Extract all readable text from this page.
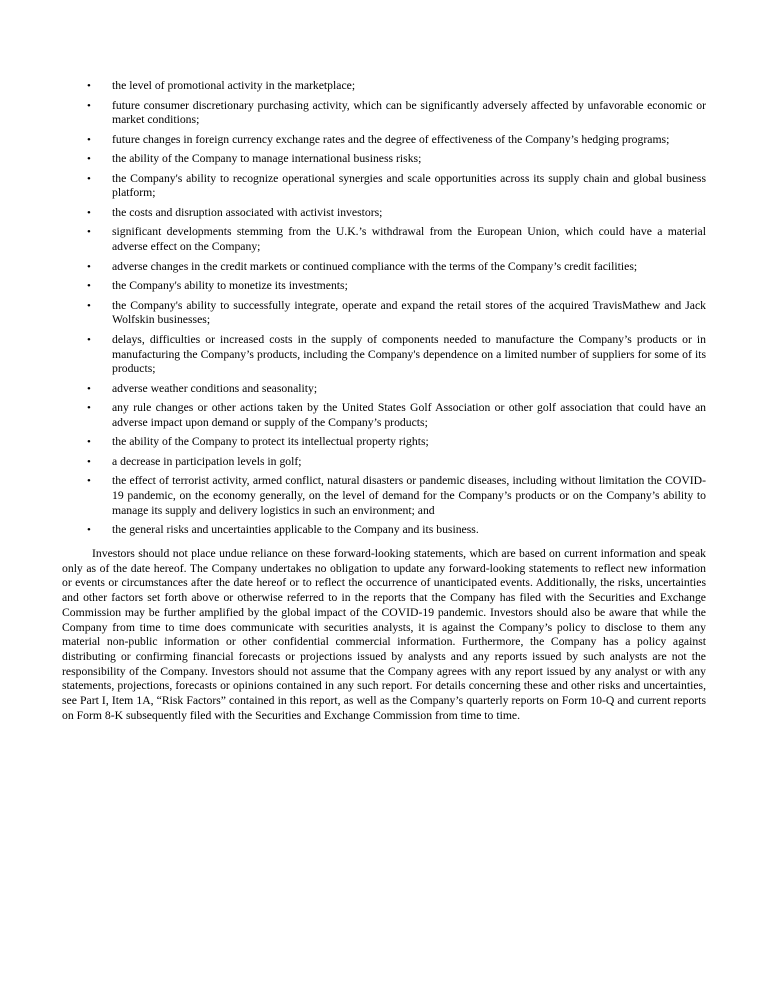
•	the level of promotional activity in the marketplace;
•	future consumer discretionary purchasing activity, which can be significantly adversely affected by unfavorable economic or market conditions;
•	future changes in foreign currency exchange rates and the degree of effectiveness of the Company’s hedging programs;
•	the ability of the Company to manage international business risks;
•	the Company's ability to recognize operational synergies and scale opportunities across its supply chain and global business platform;
•	the costs and disruption associated with activist investors;
•	significant developments stemming from the U.K.’s withdrawal from the European Union, which could have a material adverse effect on the Company;
•	adverse changes in the credit markets or continued compliance with the terms of the Company’s credit facilities;
•	the Company's ability to monetize its investments;
•	the Company's ability to successfully integrate, operate and expand the retail stores of the acquired TravisMathew and Jack Wolfskin businesses;
•	delays, difficulties or increased costs in the supply of components needed to manufacture the Company’s products or in manufacturing the Company’s products, including the Company's dependence on a limited number of suppliers for some of its products;
•	adverse weather conditions and seasonality;
•	any rule changes or other actions taken by the United States Golf Association or other golf association that could have an adverse impact upon demand or supply of the Company’s products;
•	the ability of the Company to protect its intellectual property rights;
•	a decrease in participation levels in golf;
•	the effect of terrorist activity, armed conflict, natural disasters or pandemic diseases, including without limitation the COVID-19 pandemic, on the economy generally, on the level of demand for the Company’s products or on the Company’s ability to manage its supply and delivery logistics in such an environment; and
•	the general risks and uncertainties applicable to the Company and its business.

Investors should not place undue reliance on these forward-looking statements, which are based on current information and speak only as of the date hereof. The Company undertakes no obligation to update any forward-looking statements to reflect new information or events or circumstances after the date hereof or to reflect the occurrence of unanticipated events. Additionally, the risks, uncertainties and other factors set forth above or otherwise referred to in the reports that the Company has filed with the Securities and Exchange Commission may be further amplified by the global impact of the COVID-19 pandemic. Investors should also be aware that while the Company from time to time does communicate with securities analysts, it is against the Company’s policy to disclose to them any material non-public information or other confidential commercial information. Furthermore, the Company has a policy against distributing or confirming financial forecasts or projections issued by analysts and any reports issued by such analysts are not the responsibility of the Company. Investors should not assume that the Company agrees with any report issued by any analyst or with any statements, projections, forecasts or opinions contained in any such report. For details concerning these and other risks and uncertainties, see Part I, Item 1A, “Risk Factors” contained in this report, as well as the Company’s quarterly reports on Form 10-Q and current reports on Form 8-K subsequently filed with the Securities and Exchange Commission from time to time.
